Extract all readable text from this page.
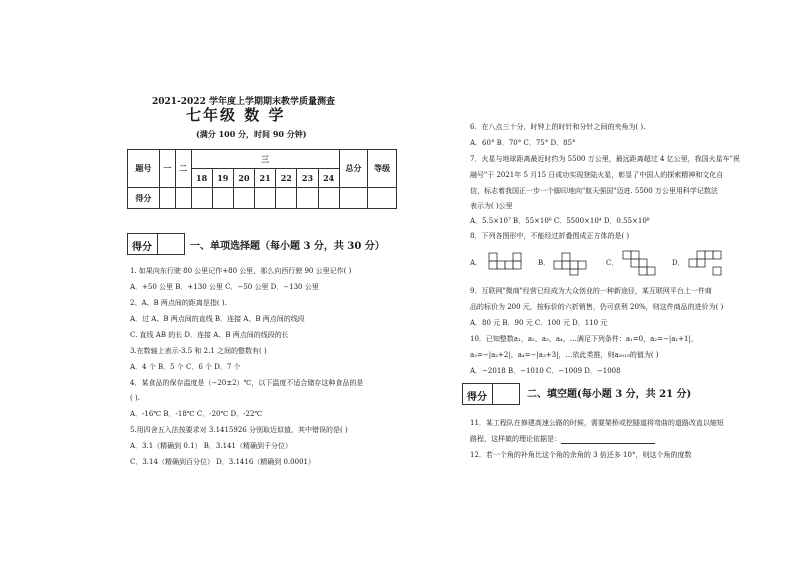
2021-2022 学年度上学期期末教学质量测查
七年级 数 学
(满分 100 分，时间 90 分钟)
题号	一	二	三							总分	等级
			18	19	20	21	22	23	24		
得分											
得分	一、单项选择题（每小题 3 分，共 30 分）
1. 如果向东行驶 80 公里记作+80 公里，那么向西行驶 90 公里记作( )
A．+50 公里 B．+130 公里 C．−50 公里 D．−130 公里
2、A、B 两点间的距离是指( ).
A．过 A、B 两点间的直线 B．连接 A、B 两点间的线段
C. 直线 AB 的长 D．连接 A、B 两点间的线段的长
3.在数轴上表示-3.5 和 2.1 之间的整数有( )
A．4 个 B．5 个 C．6 个 D．7 个
4．某食品的保存温度是（−20±2）℃，以下温度不适合储存这种食品的是
( ).
A．-16℃ B．-18℃ C．-20℃ D．-22℃
5.用四舍五入法按要求对 3.1415926 分别取近似值，其中错误的是( )
A．3.1（精确到 0.1） B．3.141（精确到千分位）
C．3.14（精确到百分位） D．3.1416（精确到 0.0001）
6．在八点三十分，时钟上的时针和分针之间的夹角为( ).
A．60° B．70° C．75° D．85°
7．火星与地球距离最近时约为 5500 万公里，最远距离超过 4 亿公里，我国火星车"祝
融号"于 2021年 5 月15 日成功实现登陆火星，彰显了中国人的探索精神和文化自
信，标志着我国正一步一个脚印地向"航天强国"迈进. 5500 万公里用科学记数法
表示为( )公里
A．5.5×10⁷ B．55×10⁶ C．5500×10⁴ D．0.55×10⁸
8．下列各图形中，不能经过折叠围成正方体的是( )
A．	B．	C．	D．
9．互联网"微商"经营已经成为大众创业的一种新途径，某互联网平台上一件商
品的标价为 200 元，按标价的六折销售，仍可获利 20%，则这件商品的进价为( )
A．80 元 B．90 元 C．100 元 D．110 元
10．已知整数a₁，a₂，a₃，a₄，…满足下列条件：a₁=0，a₂=−|a₁+1|，
a₃=−|a₂+2|，a₄=−|a₃+3|，…依此类推，则a₂₀₁₉的值为( )
A．−2018 B．−1010 C．−1009 D．−1008
得分	二、填空题(每小题 3 分，共 21 分)
11．某工程队在修建高速公路的时候，需要架桥或挖隧道将弯曲的道路改直以缩短
路程，这样做的理论依据是：
12．若一个角的补角比这个角的余角的 3 倍还多 10°，则这个角的度数
